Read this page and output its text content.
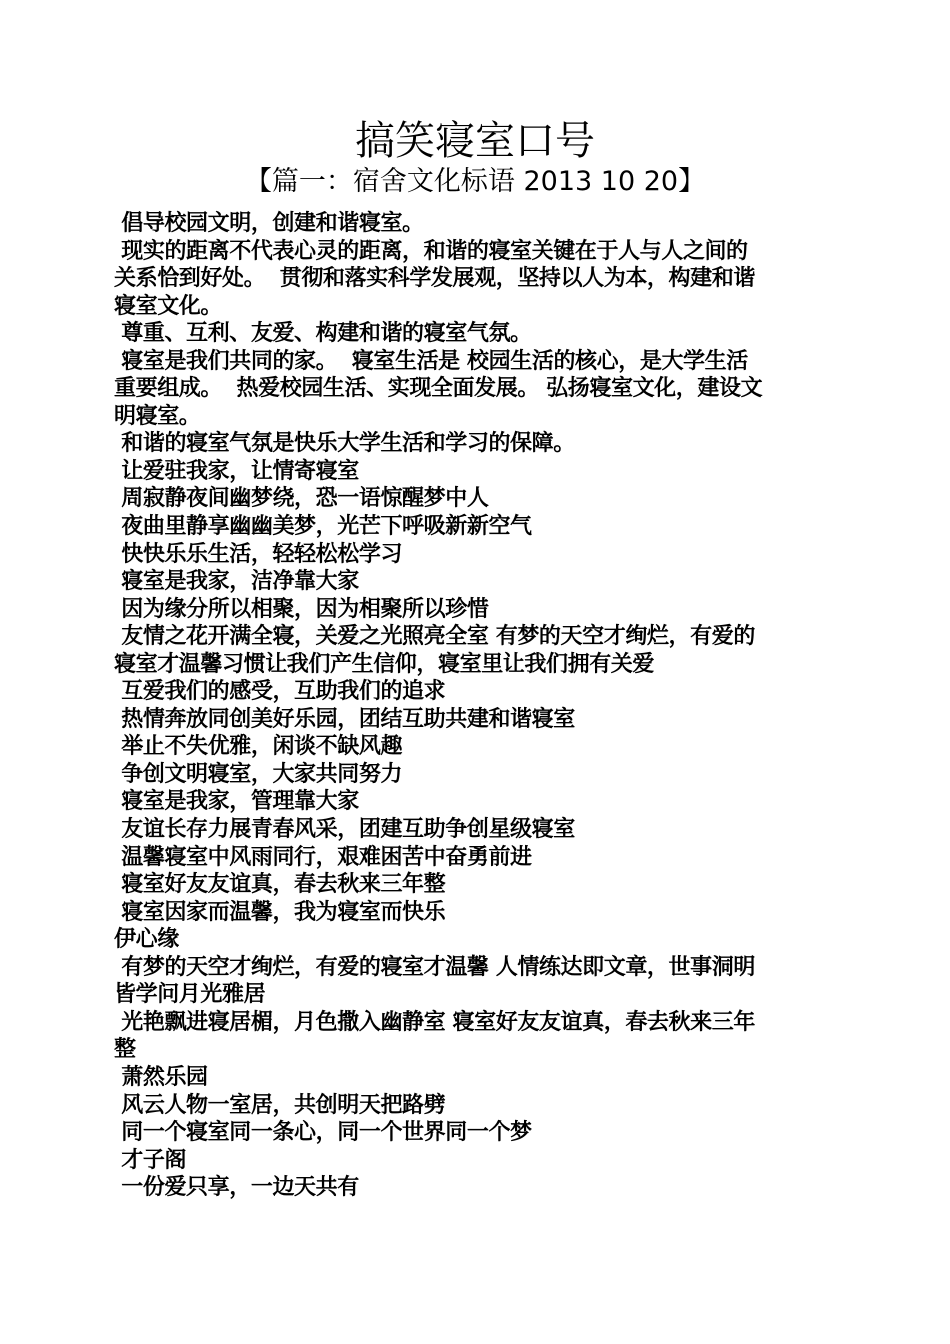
搞笑寝室口号
【篇一：宿舍文化标语 2013 10 20】
倡导校园文明，创建和谐寝室。
现实的距离不代表心灵的距离，和谐的寝室关键在于人与人之间的
关系恰到好处。  贯彻和落实科学发展观，坚持以人为本，构建和谐
寝室文化。
尊重、互利、友爱、构建和谐的寝室气氛。
寝室是我们共同的家。  寝室生活是 校园生活的核心，是大学生活
重要组成。  热爱校园生活、实现全面发展。 弘扬寝室文化，建设文
明寝室。
和谐的寝室气氛是快乐大学生活和学习的保障。
让爱驻我家，让情寄寝室
周寂静夜间幽梦绕，恐一语惊醒梦中人
夜曲里静享幽幽美梦，光芒下呼吸新新空气
快快乐乐生活，轻轻松松学习
寝室是我家，洁净靠大家
因为缘分所以相聚，因为相聚所以珍惜
友情之花开满全寝，关爱之光照亮全室 有梦的天空才绚烂，有爱的
寝室才温馨习惯让我们产生信仰，寝室里让我们拥有关爱
互爱我们的感受，互助我们的追求
热情奔放同创美好乐园，团结互助共建和谐寝室
举止不失优雅，闲谈不缺风趣
争创文明寝室，大家共同努力
寝室是我家，管理靠大家
友谊长存力展青春风采，团建互助争创星级寝室
温馨寝室中风雨同行，艰难困苦中奋勇前进
寝室好友友谊真，春去秋来三年整
寝室因家而温馨，我为寝室而快乐
伊心缘
有梦的天空才绚烂，有爱的寝室才温馨 人情练达即文章，世事洞明
皆学问月光雅居
光艳飘进寝居楣，月色撒入幽静室 寝室好友友谊真，春去秋来三年
整
萧然乐园
风云人物一室居，共创明天把路劈
同一个寝室同一条心，同一个世界同一个梦
才子阁
一份爱只享，一边天共有
